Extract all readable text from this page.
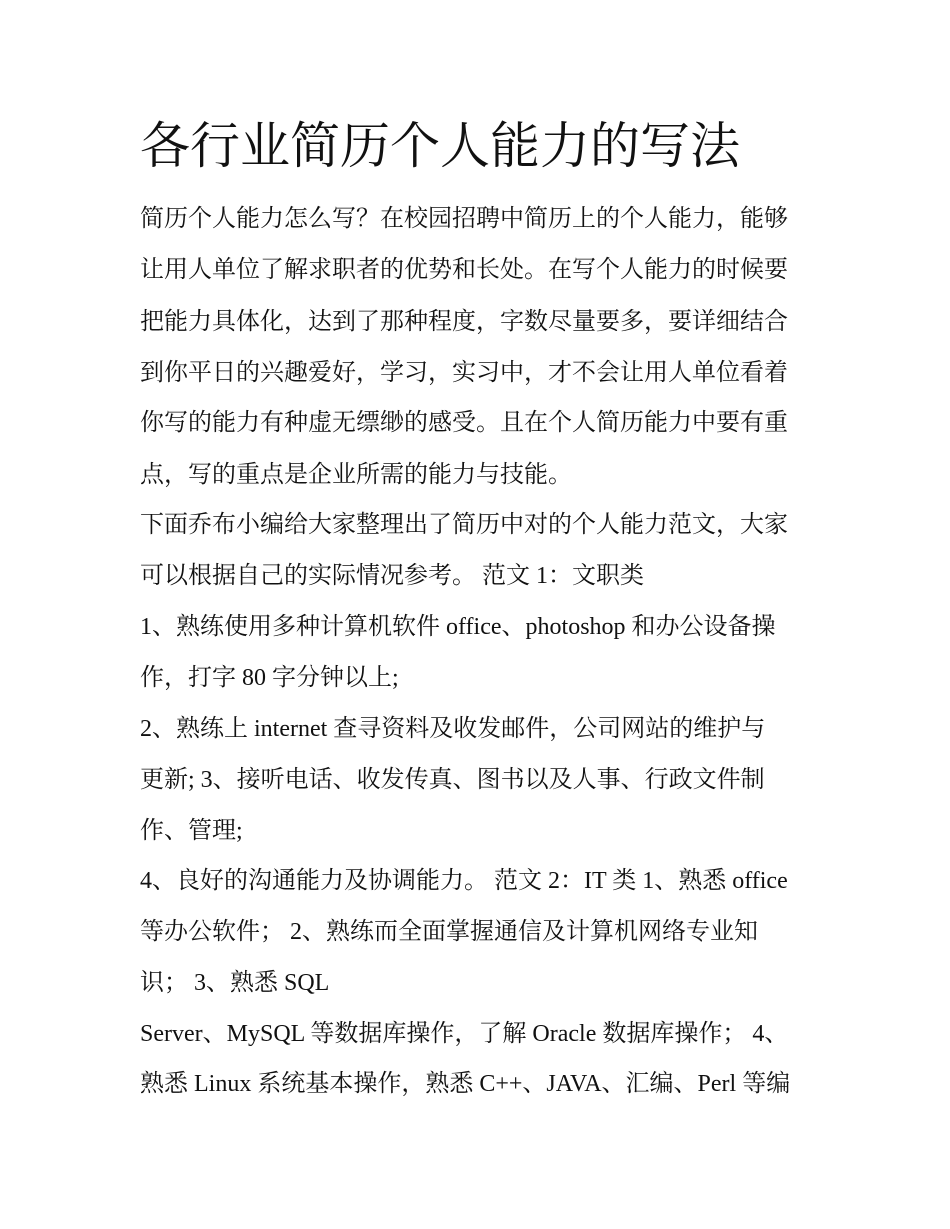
各行业简历个人能力的写法

简历个人能力怎么写？在校园招聘中简历上的个人能力，能够

让用人单位了解求职者的优势和长处。在写个人能力的时候要

把能力具体化，达到了那种程度，字数尽量要多，要详细结合

到你平日的兴趣爱好，学习，实习中，才不会让用人单位看着

你写的能力有种虚无缥缈的感受。且在个人简历能力中要有重

点，写的重点是企业所需的能力与技能。

下面乔布小编给大家整理出了简历中对的个人能力范文，大家

可以根据自己的实际情况参考。 范文 1：文职类

1、熟练使用多种计算机软件 office、photoshop 和办公设备操

作，打字 80 字分钟以上;

2、熟练上 internet 查寻资料及收发邮件，公司网站的维护与

更新; 3、接听电话、收发传真、图书以及人事、行政文件制

作、管理;

4、良好的沟通能力及协调能力。 范文 2：IT 类 1、熟悉 office

等办公软件； 2、熟练而全面掌握通信及计算机网络专业知

识； 3、熟悉 SQL

Server、MySQL 等数据库操作，了解 Oracle 数据库操作； 4、

熟悉 Linux 系统基本操作，熟悉 C++、JAVA、汇编、Perl 等编
